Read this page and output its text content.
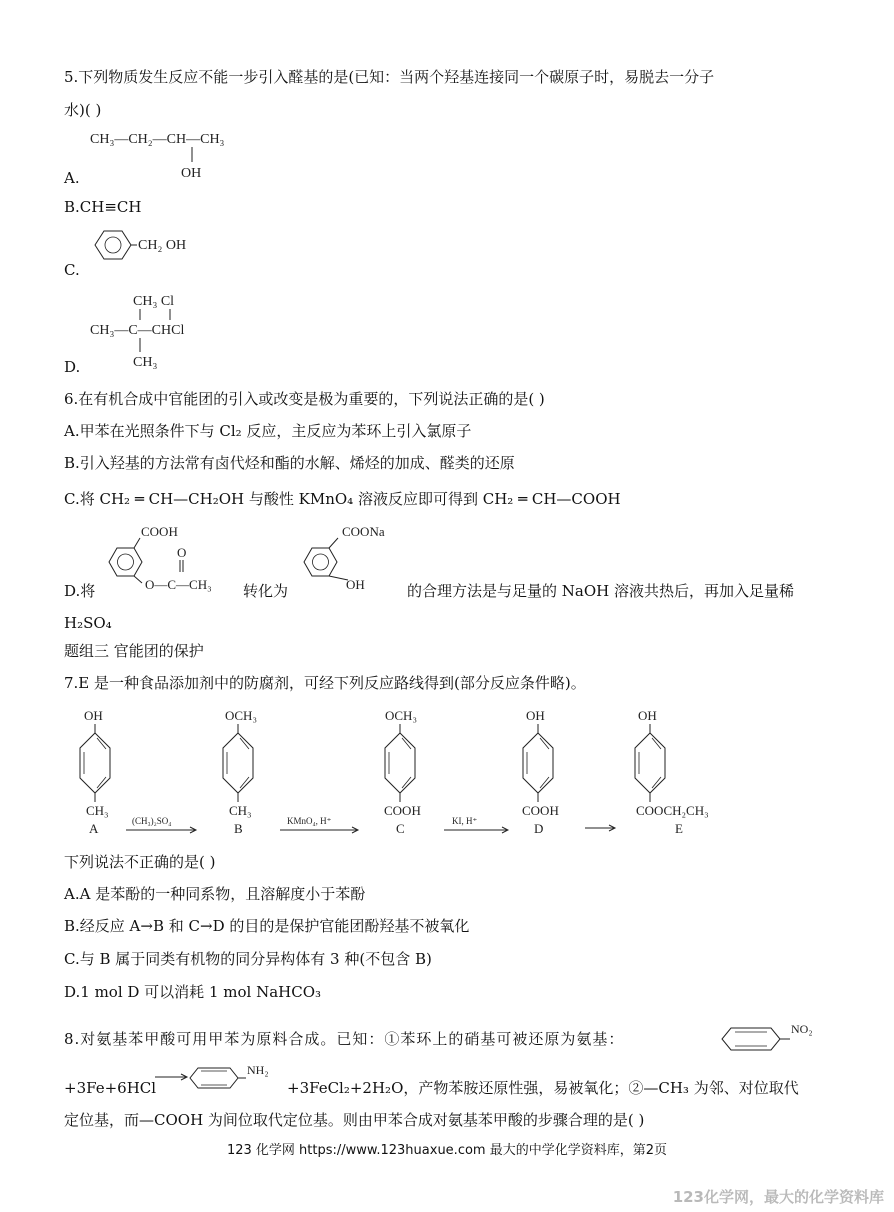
5.下列物质发生反应不能一步引入醛基的是(已知：当两个羟基连接同一个碳原子时，易脱去一分子
水)( )
CH₃—CH₂—CH—CH₃
OH
CH₂ OH
CH₃ Cl
CH₃—C—CHCl
CH₃
COOH
O
O—C—CH₃
COONa
OH
OH
CH₃
A	(CH₃)₂SO₄
OCH₃
CH₃
B	KMnO₄, H⁺
OCH₃
COOH
C	KI, H⁺
OH
COOH
D
OH
COOCH₂CH₃
E
NO₂
NH₂
A.
B.CH≡CH
C.
D.
6.在有机合成中官能团的引入或改变是极为重要的，下列说法正确的是( )
A.甲苯在光照条件下与 Cl₂ 反应，主反应为苯环上引入氯原子
B.引入羟基的方法常有卤代烃和酯的水解、烯烃的加成、醛类的还原
C.将 CH₂ ═ CH—CH₂OH 与酸性 KMnO₄ 溶液反应即可得到 CH₂ ═ CH—COOH
D.将	转化为	的合理方法是与足量的 NaOH 溶液共热后，再加入足量稀
H₂SO₄
题组三 官能团的保护
7.E 是一种食品添加剂中的防腐剂，可经下列反应路线得到(部分反应条件略)。
下列说法不正确的是( )
A.A 是苯酚的一种同系物，且溶解度小于苯酚
B.经反应 A→B 和 C→D 的目的是保护官能团酚羟基不被氧化
C.与 B 属于同类有机物的同分异构体有 3 种(不包含 B)
D.1 mol D 可以消耗 1 mol NaHCO₃
8.对氨基苯甲酸可用甲苯为原料合成。已知：①苯环上的硝基可被还原为氨基：
+3Fe+6HCl	+3FeCl₂+2H₂O，产物苯胺还原性强，易被氧化；②—CH₃ 为邻、对位取代
定位基，而—COOH 为间位取代定位基。则由甲苯合成对氨基苯甲酸的步骤合理的是( )
123 化学网 https://www.123huaxue.com 最大的中学化学资料库，第2页
123化学网，最大的化学资料库
